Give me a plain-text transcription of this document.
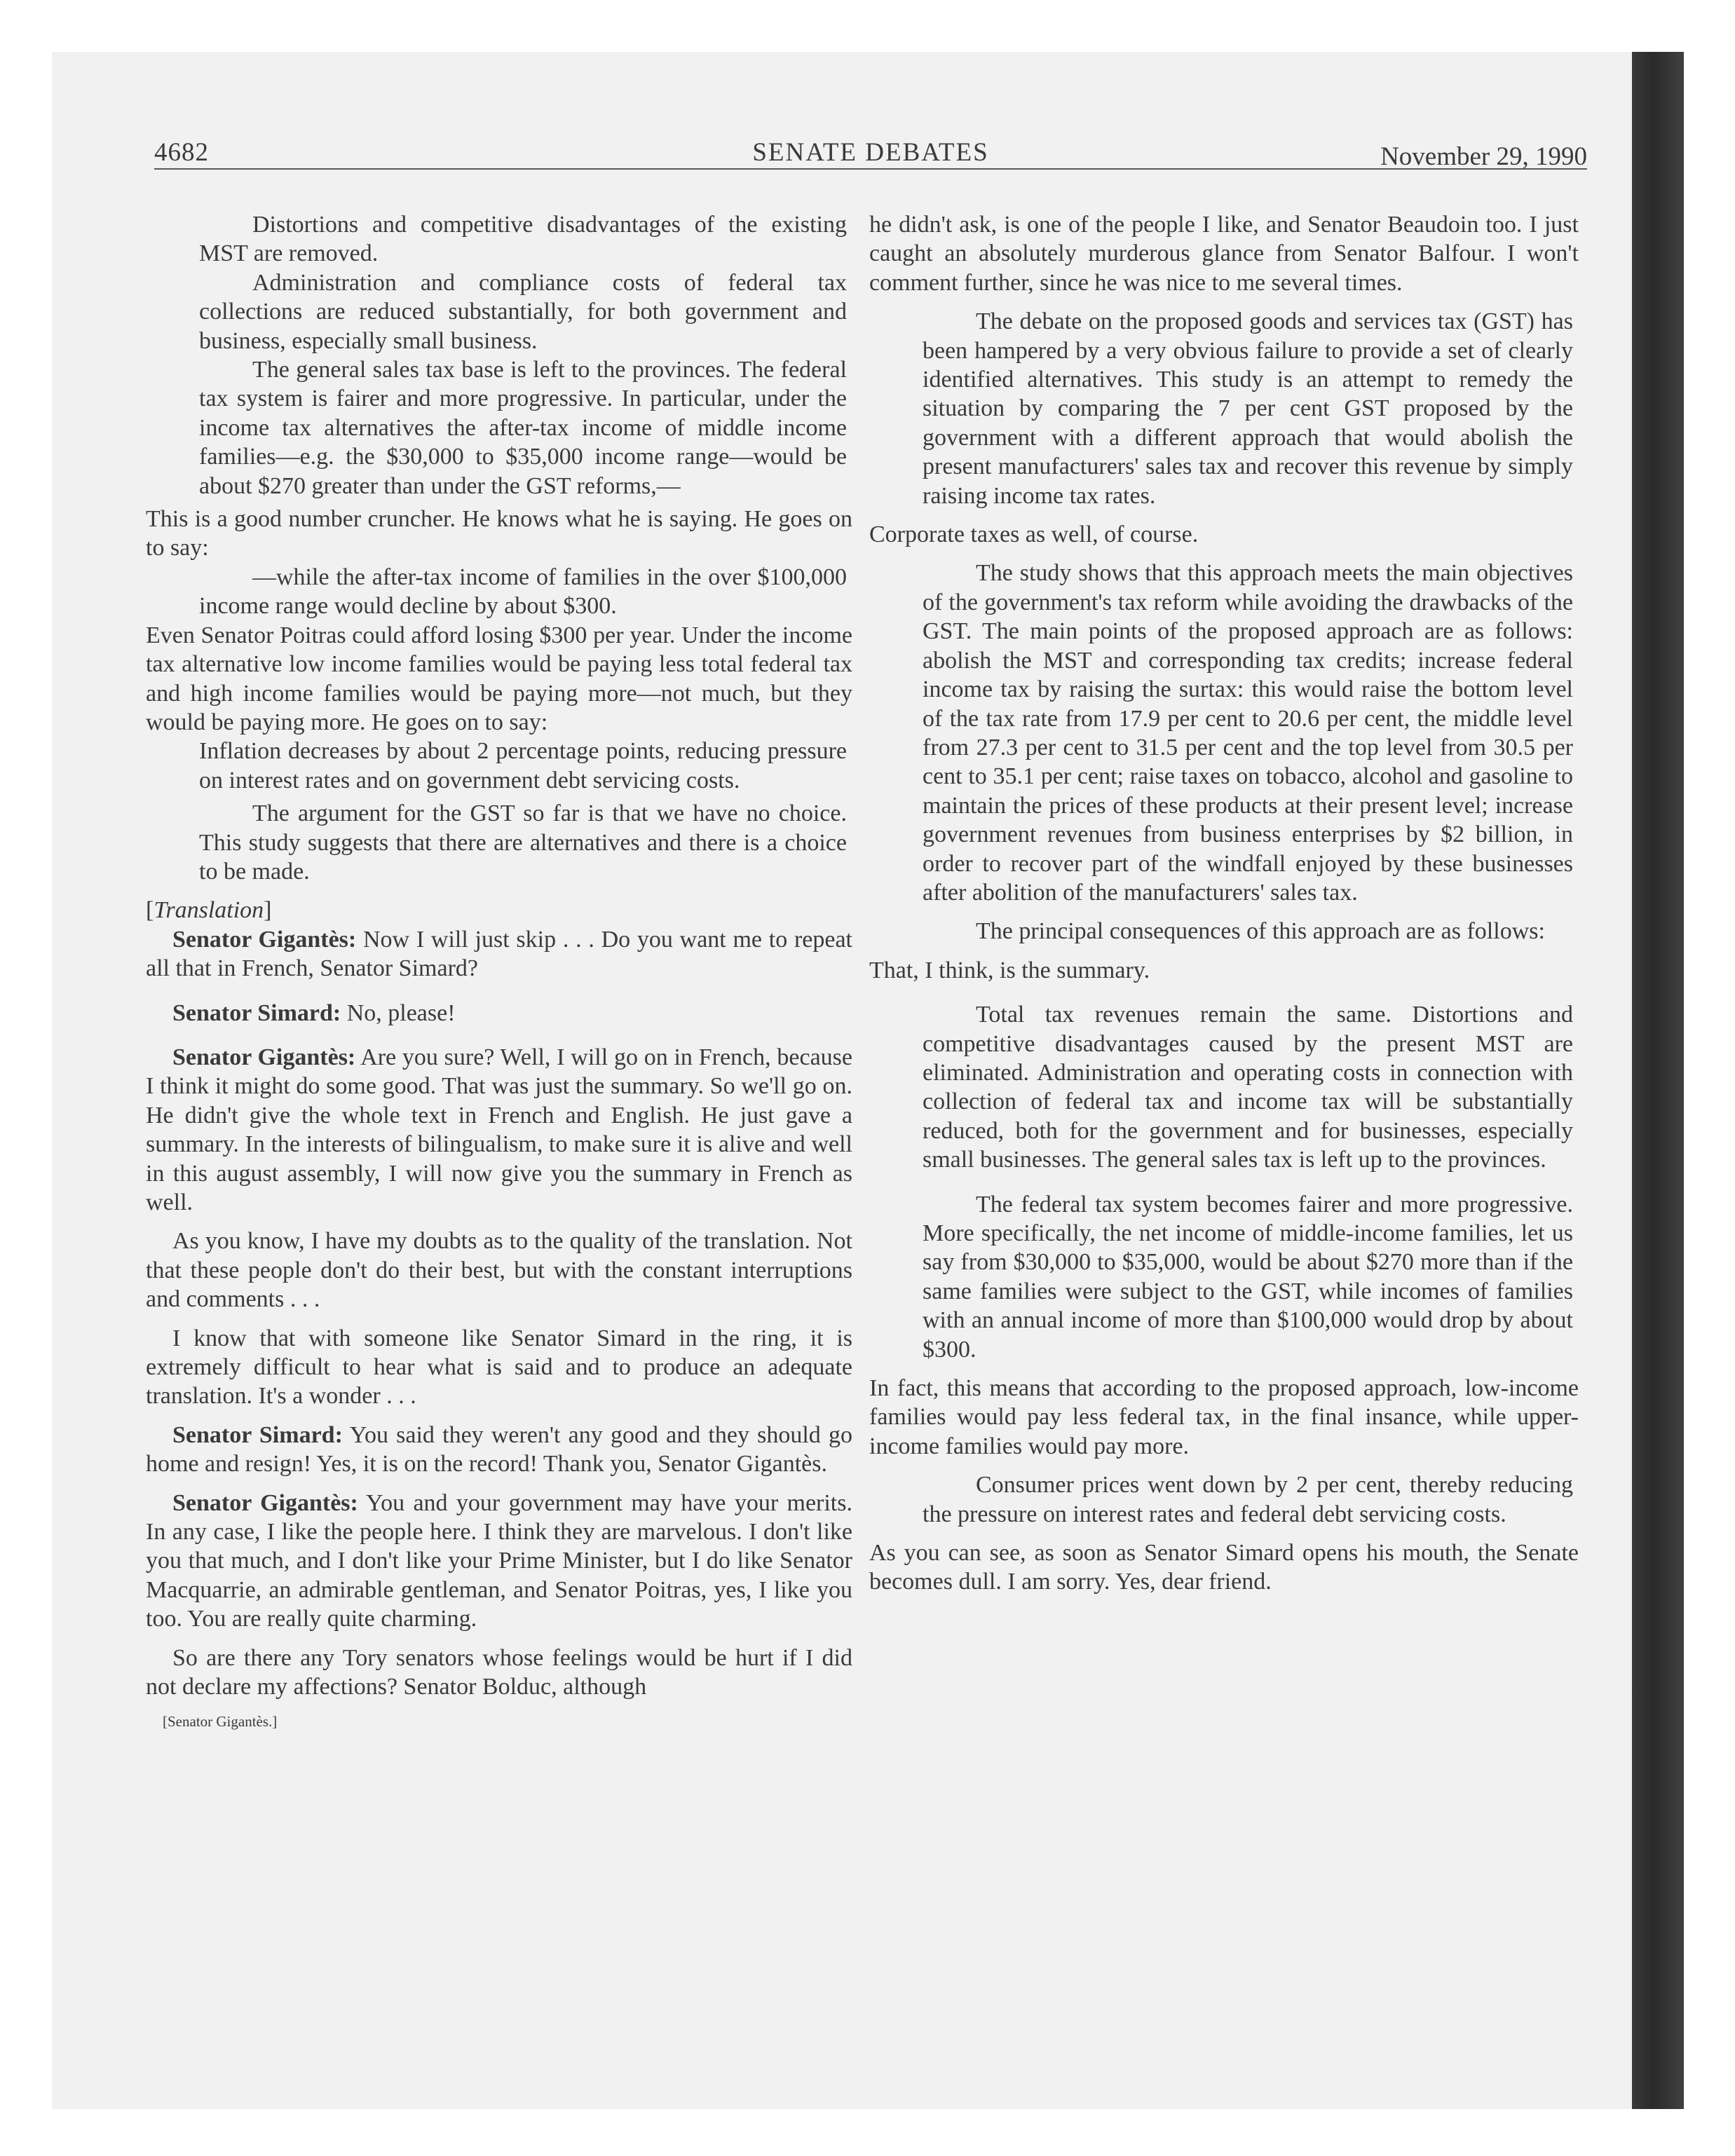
4682	SENATE DEBATES	November 29, 1990

Distortions and competitive disadvantages of the existing MST are removed.

Administration and compliance costs of federal tax collections are reduced substantially, for both government and business, especially small business.

The general sales tax base is left to the provinces. The federal tax system is fairer and more progressive. In particular, under the income tax alternatives the after-tax income of middle income families—e.g. the $30,000 to $35,000 income range—would be about $270 greater than under the GST reforms,—

This is a good number cruncher. He knows what he is saying. He goes on to say:

—while the after-tax income of families in the over $100,000 income range would decline by about $300.

Even Senator Poitras could afford losing $300 per year. Under the income tax alternative low income families would be paying less total federal tax and high income families would be paying more—not much, but they would be paying more. He goes on to say:

Inflation decreases by about 2 percentage points, reducing pressure on interest rates and on government debt servicing costs.

The argument for the GST so far is that we have no choice. This study suggests that there are alternatives and there is a choice to be made.

[Translation]

Senator Gigantès: Now I will just skip . . . Do you want me to repeat all that in French, Senator Simard?

Senator Simard: No, please!

Senator Gigantès: Are you sure? Well, I will go on in French, because I think it might do some good. That was just the summary. So we'll go on. He didn't give the whole text in French and English. He just gave a summary. In the interests of bilingualism, to make sure it is alive and well in this august assembly, I will now give you the summary in French as well.

As you know, I have my doubts as to the quality of the translation. Not that these people don't do their best, but with the constant interruptions and comments . . .

I know that with someone like Senator Simard in the ring, it is extremely difficult to hear what is said and to produce an adequate translation. It's a wonder . . .

Senator Simard: You said they weren't any good and they should go home and resign! Yes, it is on the record! Thank you, Senator Gigantès.

Senator Gigantès: You and your government may have your merits. In any case, I like the people here. I think they are marvelous. I don't like you that much, and I don't like your Prime Minister, but I do like Senator Macquarrie, an admirable gentleman, and Senator Poitras, yes, I like you too. You are really quite charming.

So are there any Tory senators whose feelings would be hurt if I did not declare my affections? Senator Bolduc, although

[Senator Gigantès.]

he didn't ask, is one of the people I like, and Senator Beaudoin too. I just caught an absolutely murderous glance from Senator Balfour. I won't comment further, since he was nice to me several times.

The debate on the proposed goods and services tax (GST) has been hampered by a very obvious failure to provide a set of clearly identified alternatives. This study is an attempt to remedy the situation by comparing the 7 per cent GST proposed by the government with a different approach that would abolish the present manufacturers' sales tax and recover this revenue by simply raising income tax rates.

Corporate taxes as well, of course.

The study shows that this approach meets the main objectives of the government's tax reform while avoiding the drawbacks of the GST. The main points of the proposed approach are as follows: abolish the MST and corresponding tax credits; increase federal income tax by raising the surtax: this would raise the bottom level of the tax rate from 17.9 per cent to 20.6 per cent, the middle level from 27.3 per cent to 31.5 per cent and the top level from 30.5 per cent to 35.1 per cent; raise taxes on tobacco, alcohol and gasoline to maintain the prices of these products at their present level; increase government revenues from business enterprises by $2 billion, in order to recover part of the windfall enjoyed by these businesses after abolition of the manufacturers' sales tax.

The principal consequences of this approach are as follows:

That, I think, is the summary.

Total tax revenues remain the same. Distortions and competitive disadvantages caused by the present MST are eliminated. Administration and operating costs in connection with collection of federal tax and income tax will be substantially reduced, both for the government and for businesses, especially small businesses. The general sales tax is left up to the provinces.

The federal tax system becomes fairer and more progressive. More specifically, the net income of middle-income families, let us say from $30,000 to $35,000, would be about $270 more than if the same families were subject to the GST, while incomes of families with an annual income of more than $100,000 would drop by about $300.

In fact, this means that according to the proposed approach, low-income families would pay less federal tax, in the final insance, while upper-income families would pay more.

Consumer prices went down by 2 per cent, thereby reducing the pressure on interest rates and federal debt servicing costs.

As you can see, as soon as Senator Simard opens his mouth, the Senate becomes dull. I am sorry. Yes, dear friend.
